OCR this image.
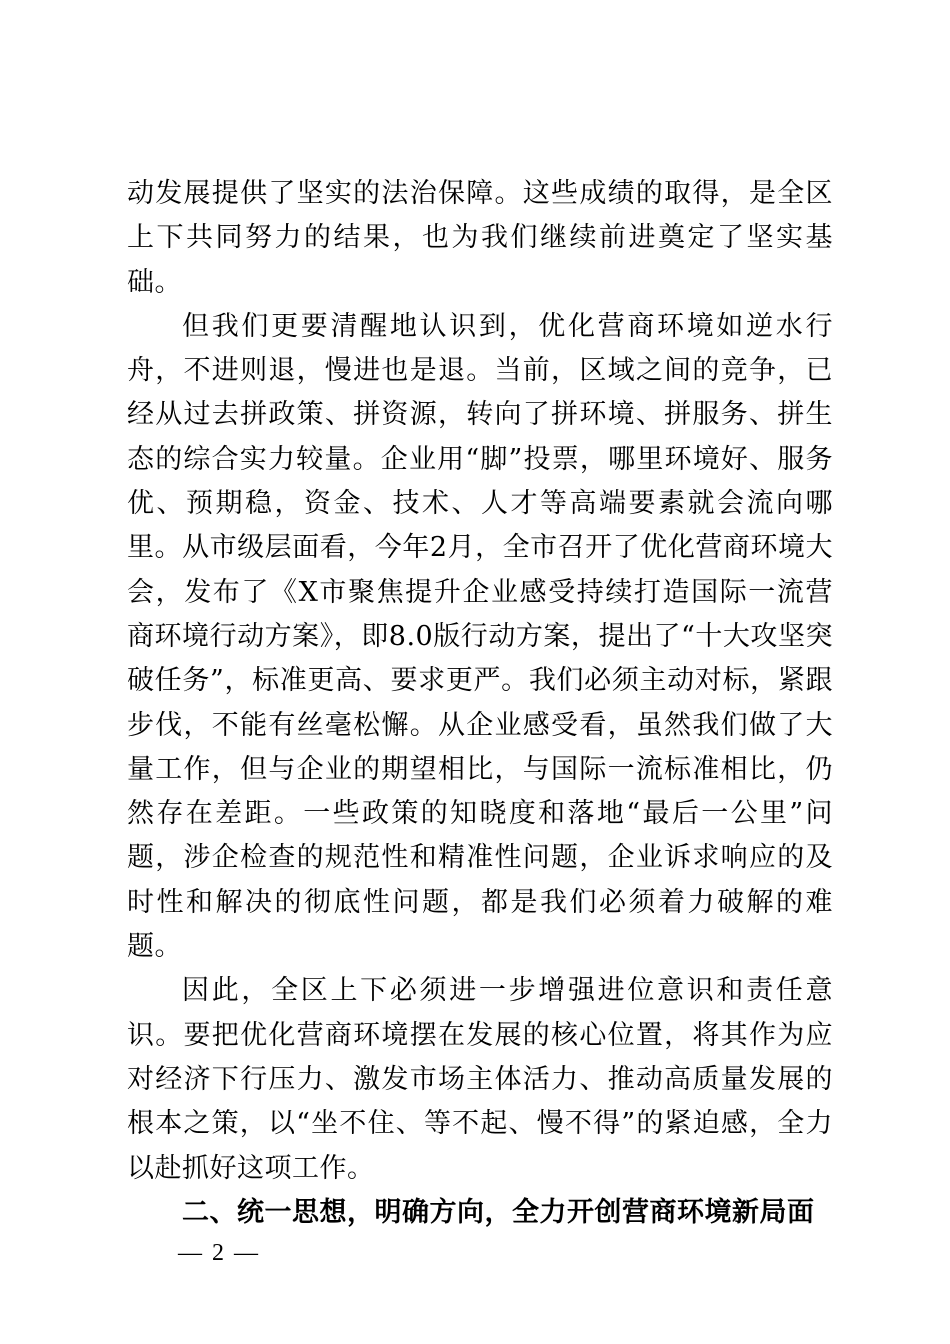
动发展提供了坚实的法治保障。这些成绩的取得，是全区上下共同努力的结果，也为我们继续前进奠定了坚实基础。

但我们更要清醒地认识到，优化营商环境如逆水行舟，不进则退，慢进也是退。当前，区域之间的竞争，已经从过去拼政策、拼资源，转向了拼环境、拼服务、拼生态的综合实力较量。企业用“脚”投票，哪里环境好、服务优、预期稳，资金、技术、人才等高端要素就会流向哪里。从市级层面看，今年2月，全市召开了优化营商环境大会，发布了《X市聚焦提升企业感受持续打造国际一流营商环境行动方案》，即8.0版行动方案，提出了“十大攻坚突破任务”，标准更高、要求更严。我们必须主动对标，紧跟步伐，不能有丝毫松懈。从企业感受看，虽然我们做了大量工作，但与企业的期望相比，与国际一流标准相比，仍然存在差距。一些政策的知晓度和落地“最后一公里”问题，涉企检查的规范性和精准性问题，企业诉求响应的及时性和解决的彻底性问题，都是我们必须着力破解的难题。

因此，全区上下必须进一步增强进位意识和责任意识。要把优化营商环境摆在发展的核心位置，将其作为应对经济下行压力、激发市场主体活力、推动高质量发展的根本之策，以“坐不住、等不起、慢不得”的紧迫感，全力以赴抓好这项工作。

二、统一思想，明确方向，全力开创营商环境新局面

— 2 —
